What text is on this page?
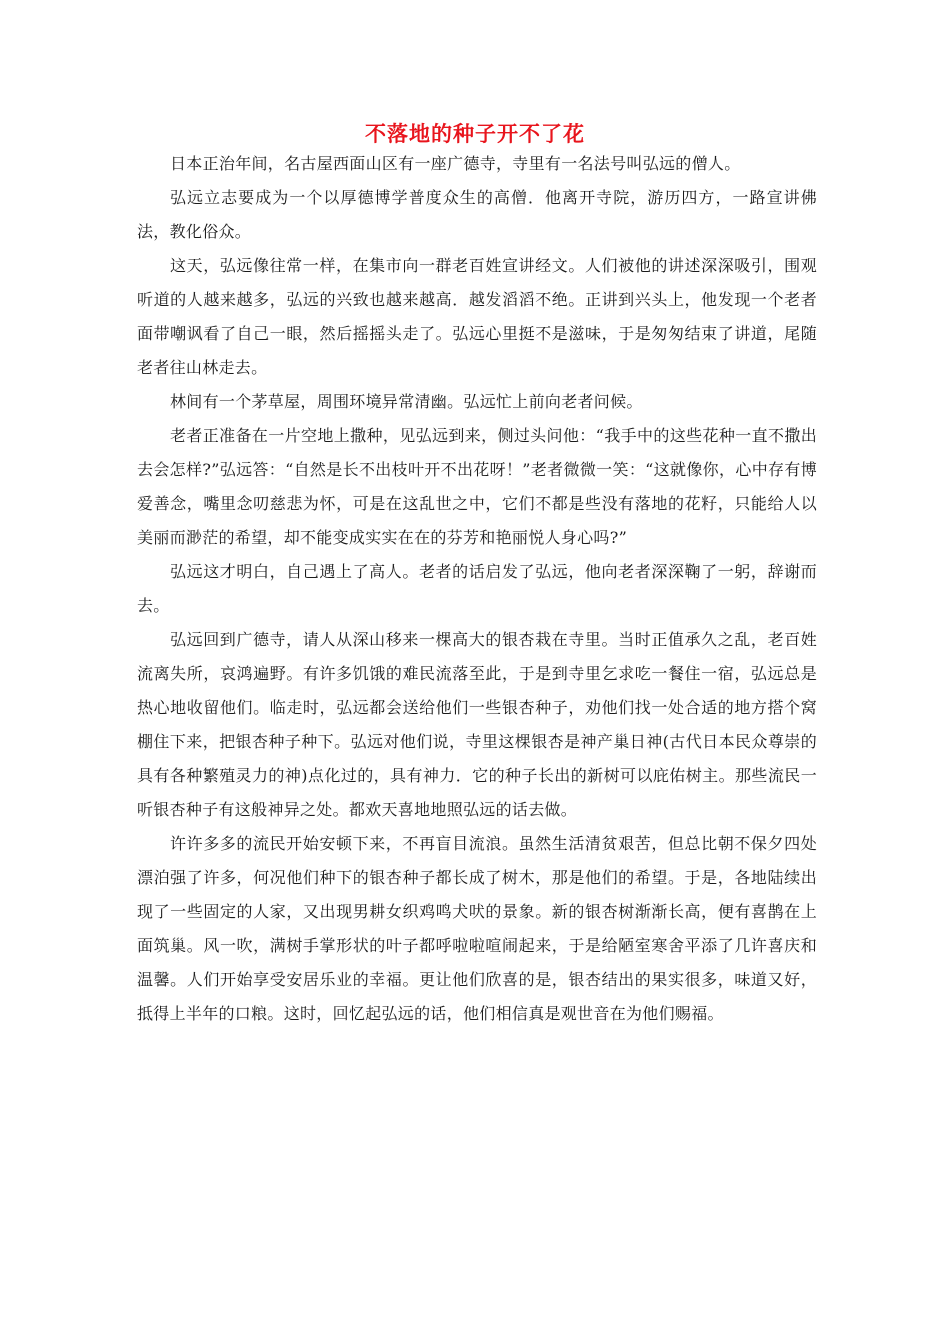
不落地的种子开不了花

日本正治年间，名古屋西面山区有一座广德寺，寺里有一名法号叫弘远的僧人。

弘远立志要成为一个以厚德博学普度众生的高僧．他离开寺院，游历四方，一路宣讲佛法，教化俗众。

这天，弘远像往常一样，在集市向一群老百姓宣讲经文。人们被他的讲述深深吸引，围观听道的人越来越多，弘远的兴致也越来越高．越发滔滔不绝。正讲到兴头上，他发现一个老者面带嘲讽看了自己一眼，然后摇摇头走了。弘远心里挺不是滋味，于是匆匆结束了讲道，尾随老者往山林走去。

林间有一个茅草屋，周围环境异常清幽。弘远忙上前向老者问候。

老者正准备在一片空地上撒种，见弘远到来，侧过头问他：“我手中的这些花种一直不撒出去会怎样?”弘远答：“自然是长不出枝叶开不出花呀！”老者微微一笑：“这就像你，心中存有博爱善念，嘴里念叨慈悲为怀，可是在这乱世之中，它们不都是些没有落地的花籽，只能给人以美丽而渺茫的希望，却不能变成实实在在的芬芳和艳丽悦人身心吗?”

弘远这才明白，自己遇上了高人。老者的话启发了弘远，他向老者深深鞠了一躬，辞谢而去。

弘远回到广德寺，请人从深山移来一棵高大的银杏栽在寺里。当时正值承久之乱，老百姓流离失所，哀鸿遍野。有许多饥饿的难民流落至此，于是到寺里乞求吃一餐住一宿，弘远总是热心地收留他们。临走时，弘远都会送给他们一些银杏种子，劝他们找一处合适的地方搭个窝棚住下来，把银杏种子种下。弘远对他们说，寺里这棵银杏是神产巢日神(古代日本民众尊崇的具有各种繁殖灵力的神)点化过的，具有神力．它的种子长出的新树可以庇佑树主。那些流民一听银杏种子有这般神异之处。都欢天喜地地照弘远的话去做。

许许多多的流民开始安顿下来，不再盲目流浪。虽然生活清贫艰苦，但总比朝不保夕四处漂泊强了许多，何况他们种下的银杏种子都长成了树木，那是他们的希望。于是，各地陆续出现了一些固定的人家，又出现男耕女织鸡鸣犬吠的景象。新的银杏树渐渐长高，便有喜鹊在上面筑巢。风一吹，满树手掌形状的叶子都呼啦啦喧闹起来，于是给陋室寒舍平添了几许喜庆和温馨。人们开始享受安居乐业的幸福。更让他们欣喜的是，银杏结出的果实很多，味道又好，抵得上半年的口粮。这时，回忆起弘远的话，他们相信真是观世音在为他们赐福。
